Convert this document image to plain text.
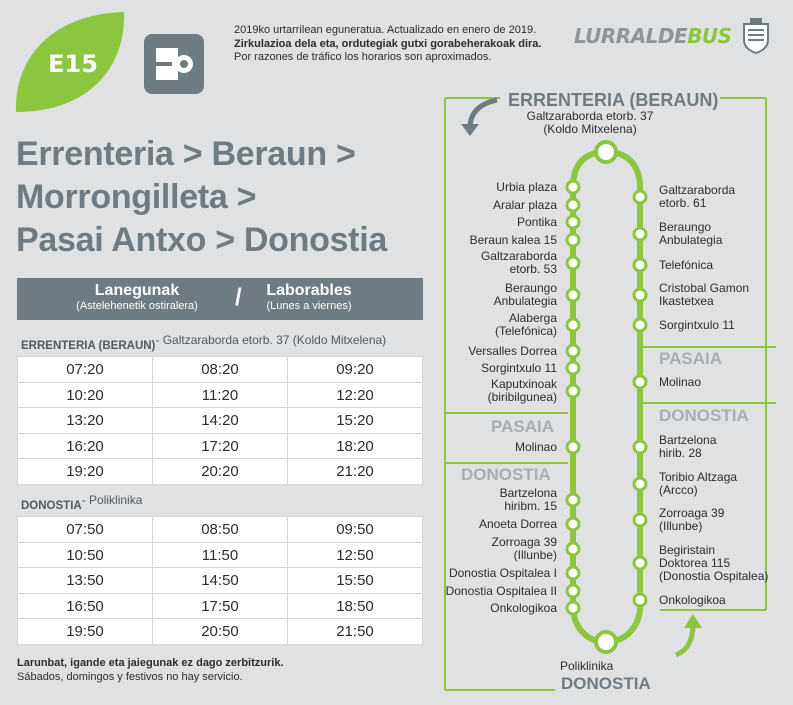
E15
2019ko urtarrilean eguneratua. Actualizado en enero de 2019.
Zirkulazioa dela eta, ordutegiak gutxi gorabeherakoak dira.
Por razones de tráfico los horarios son aproximados.
LURRALDEBUS
Errenteria > Beraun >
Morrongilleta >
Pasai Antxo > Donostia
Lanegunak
(Astelehenetik ostiralera)	/	Laborables
(Lunes a viernes)
ERRENTERIA (BERAUN) - Galtzaraborda etorb. 37 (Koldo Mitxelena)
07:20	08:20	09:20
10:20	11:20	12:20
13:20	14:20	15:20
16:20	17:20	18:20
19:20	20:20	21:20
DONOSTIA - Poliklinika
07:50	08:50	09:50
10:50	11:50	12:50
13:50	14:50	15:50
16:50	17:50	18:50
19:50	20:50	21:50
Larunbat, igande eta jaiegunak ez dago zerbitzurik.
Sábados, domingos y festivos no hay servicio.
ERRENTERIA (BERAUN)
Galtzaraborda etorb. 37
(Koldo Mitxelena)
Poliklinika
DONOSTIA
PASAIA
DONOSTIA
PASAIA
DONOSTIA
Urbia plaza
Aralar plaza
Pontika
Beraun kalea 15
Galtzaraborda
etorb. 53
Beraungo
Anbulategia
Alaberga
(Telefónica)
Versalles Dorrea
Sorgintxulo 11
Kaputxinoak
(biribilgunea)
Molinao
Bartzelona
hiribm. 15
Anoeta Dorrea
Zorroaga 39
(Illunbe)
Donostia Ospitalea I
Donostia Ospitalea II
Onkologikoa
Galtzaraborda
etorb. 61
Beraungo
Anbulategia
Telefónica
Cristobal Gamon
Ikastetxea
Sorgintxulo 11
Molinao
Bartzelona
hirib. 28
Toribio Altzaga
(Arcco)
Zorroaga 39
(Illunbe)
Begiristain
Doktorea 115
(Donostia Ospitalea)
Onkologikoa
